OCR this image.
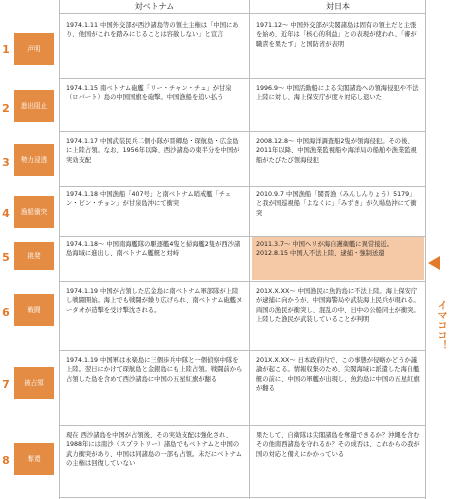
対ベトナム	対日本
1	声明
1974.1.11 中国外交部が西沙諸島等の領土主権は「中国にあり、他国がこれを踏みにじることは容赦しない」と宣言
1971.12〜 中国外交部が尖閣諸島は固有の領土だと主張を始め、近年は「核心的利益」との表現が使われ、「審が職責を果たす」と国防省が表明
2	進出阻止
1974.1.15 南ベトナム砲艦「リー・チャン・チュ」が甘泉（ロバート）島の中国国旗を砲撃。中国漁船を追い払う
1996.9〜 中国活動船による尖閣諸島への領海侵犯や不法上陸に対し、海上保安庁が度々対応し退いた
3	勢力浸透
1974.1.17 中国武装民兵二個小隊が晋卿島・琛航島・広金島に上陸占領。なお、1956年以降、西沙諸島の東半分を中国が実効支配
2008.12.8〜 中国海洋調査船2隻が領海侵犯。その後、2011年以降、中国漁業監視船や海洋局の船舶や漁業監視船がたびたび領海侵犯
4	漁船衝突
1974.1.18 中国漁船「407号」と南ベトナム哨戒艦「チェン・ビン・チョン」が甘泉島沖にて衝突
2010.9.7 中国漁船「閩晋漁（みんしんりょう）5179」と我が国巡視船「よなくに」「みずき」が久場島沖にて衝突
5	挑発
1974.1.18〜 中国南海艦隊の駆逐艦4隻と掃海艦2隻が西沙諸島海域に進出し、南ベトナム艦艇と対峙
2011.3.7〜 中国ヘリが海自護衛艦に異常接近。2012.8.15 中国人不法上陸、逮捕・強制送還
6	戦闘
1974.1.19 中国が占領した広金島に南ベトナム軍部隊が上陸し戦闘開始。海上でも戦闘が繰り広げられ、南ベトナム砲艦ヌータオが造撃を受け撃沈される。
201X.X.XX〜 中国漁民に魚釣島に不法上陸。海上保安庁が逮捕に向かうが、中国海警局や武装海上民兵が現れる。両国の漁民が衝突し、混乱の中、日中の公船同士が衝突。上陸した漁民が武装していることが判明
7	被占領
1974.1.19 中国軍は永楽島に三個歩兵中隊と一個偵察中隊を上陸。翌日にかけて琛航島と金銀島にも上陸占領。戦闘前から占領した島を含めて西沙諸島に中国の五星紅旗が翻る
201X.X.XX〜 日本政府内で、この事態が侵略かどうか議論が起こる。情報収集のため、尖閣海域に派遣した海自艦艇の前に、中国の軍艦が出現し、魚釣島に中国の五星紅旗が翻る
8	奪還
現在 西沙諸島を中国が占領後、その実効支配は強化され、1988年には南沙（スプラトリー）諸島でもベトナムと中国の武力衝突があり、中国は同諸島の一部も占領。未だにベトナムの主権は回復していない
果たして、自衛隊は尖閣諸島を奪還できるか？沖縄を含むその他南西諸島を守れるか？その成否は、これからの我が国の対応と備えにかかっている
イマココ！
